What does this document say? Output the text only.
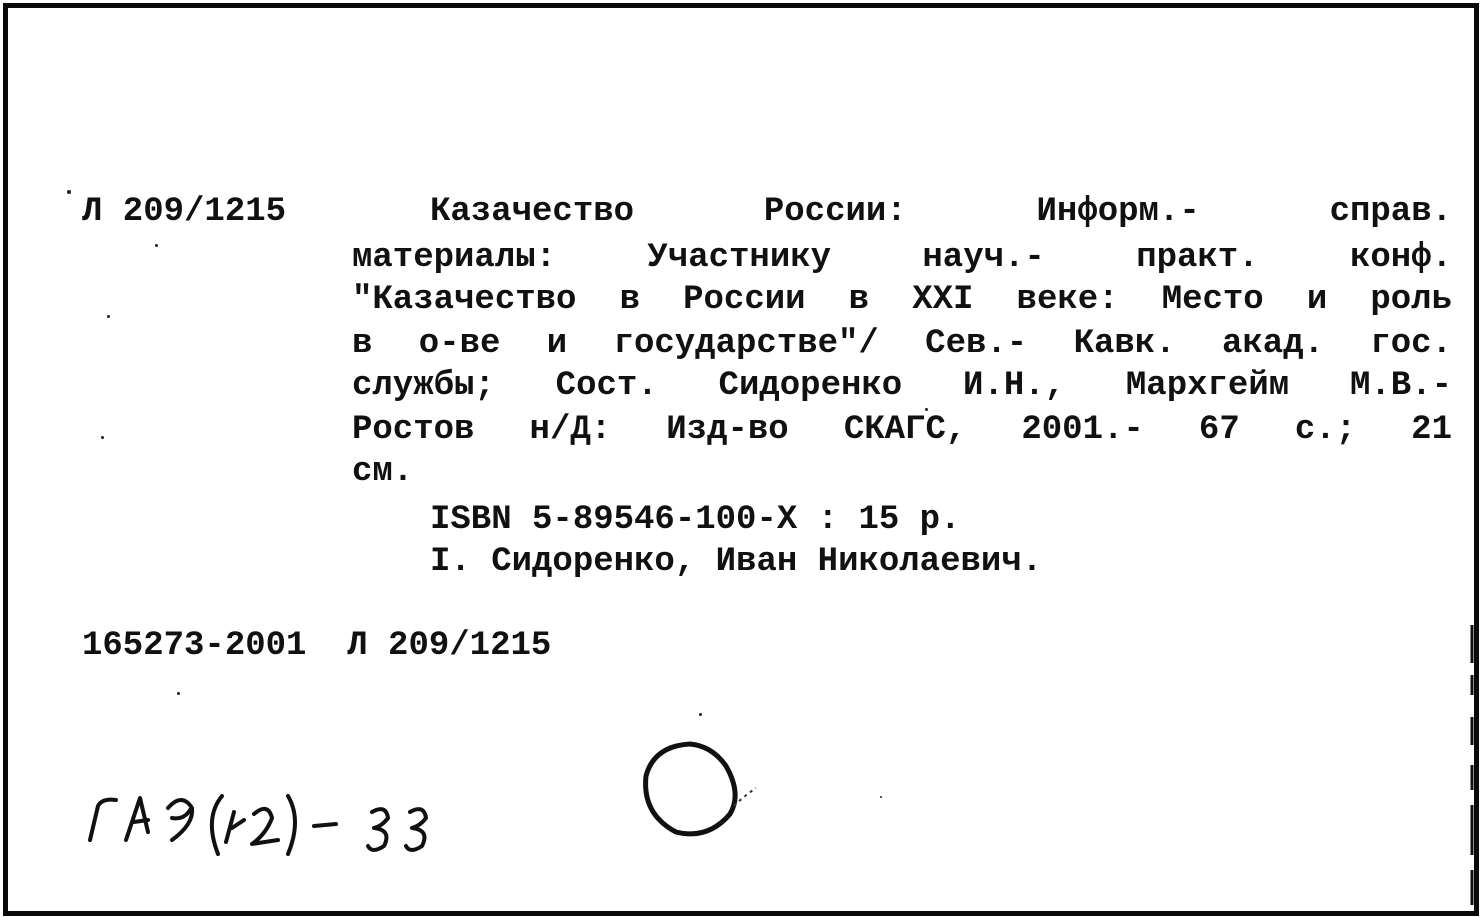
Л 209/1215	Казачество России: Информ.- справ.
материалы: Участнику науч.- практ. конф.
"Казачество в России в XXI веке: Место и роль
в о-ве и государстве"/ Сев.- Кавк. акад. гос.
службы; Сост. Сидоренко И.Н., Мархгейм М.В.-
Ростов н/Д: Изд-во СКАГС, 2001.- 67 с.; 21
см.
ISBN 5-89546-100-X : 15 р.
I. Сидоренко, Иван Николаевич.
165273-2001  Л 209/1215
